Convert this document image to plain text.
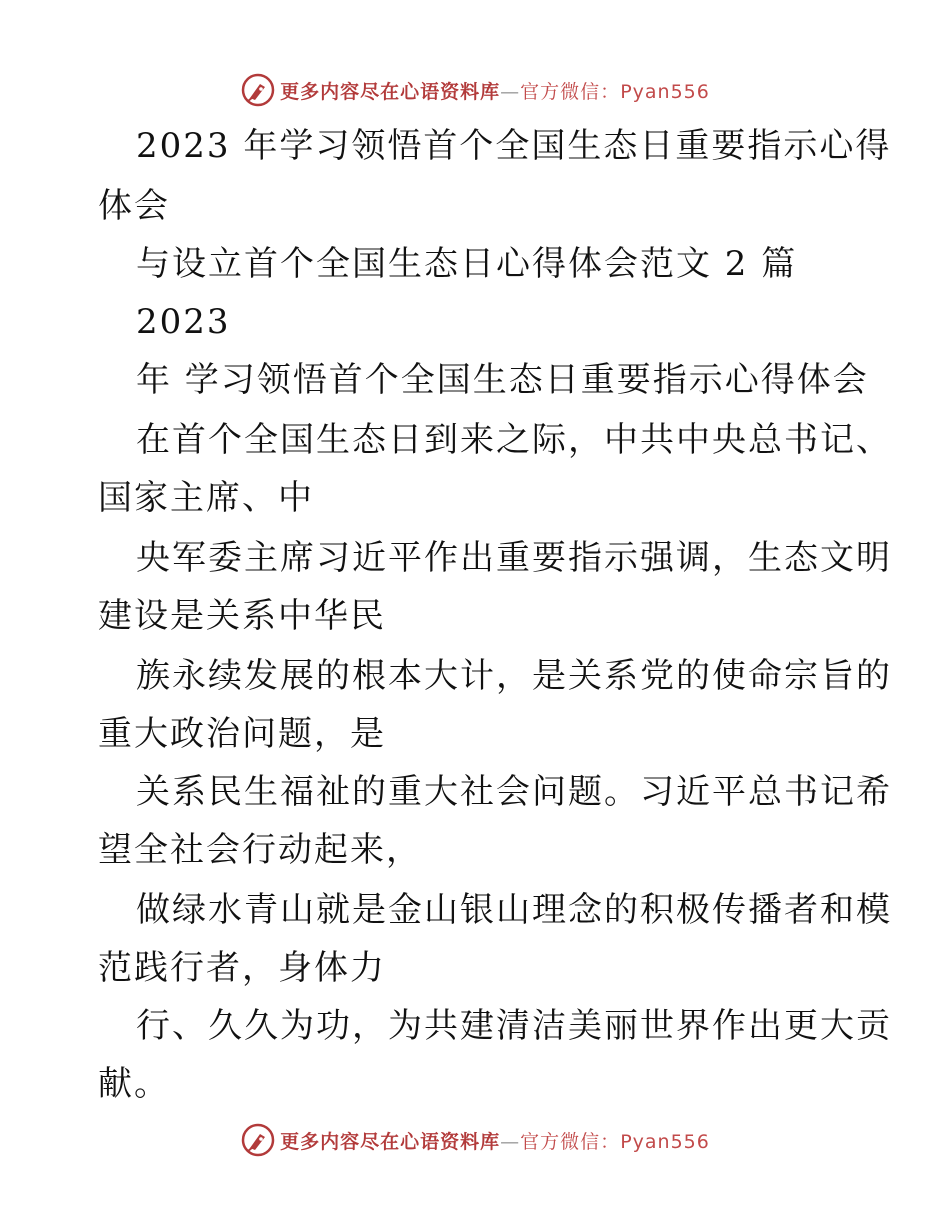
更多内容尽在心语资料库—官方微信：Pyan556
2023 年学习领悟首个全国生态日重要指示心得
体会
与设立首个全国生态日心得体会范文 2 篇
2023
年 学习领悟首个全国生态日重要指示心得体会
在首个全国生态日到来之际，中共中央总书记、
国家主席、中
央军委主席习近平作出重要指示强调，生态文明
建设是关系中华民
族永续发展的根本大计，是关系党的使命宗旨的
重大政治问题，是
关系民生福祉的重大社会问题。习近平总书记希
望全社会行动起来，
做绿水青山就是金山银山理念的积极传播者和模
范践行者，身体力
行、久久为功，为共建清洁美丽世界作出更大贡
献。
更多内容尽在心语资料库—官方微信：Pyan556
